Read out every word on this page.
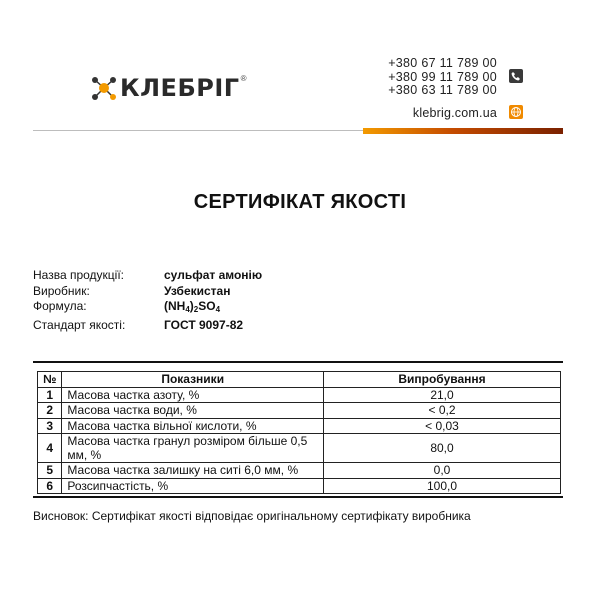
КЛЕБРІГ ®
+380 67 11 789 00
+380 99 11 789 00
+380 63 11 789 00
klebrig.com.ua
СЕРТИФІКАТ ЯКОСТІ
Назва продукції:	сульфат амонію
Виробник:	Узбекистан
Формула:	$(NH_4)_2SO_4$
Стандарт якості:	ГОСТ 9097-82
№	Показники	Випробування
1	Масова частка азоту, %	21,0
2	Масова частка води, %	< 0,2
3	Масова частка вільної кислоти, %	< 0,03
4	Масова частка гранул розміром більше 0,5 мм, %	80,0
5	Масова частка залишку на ситі 6,0 мм, %	0,0
6	Розсипчастість, %	100,0
Висновок: Сертифікат якості відповідає оригінальному сертифікату виробника
